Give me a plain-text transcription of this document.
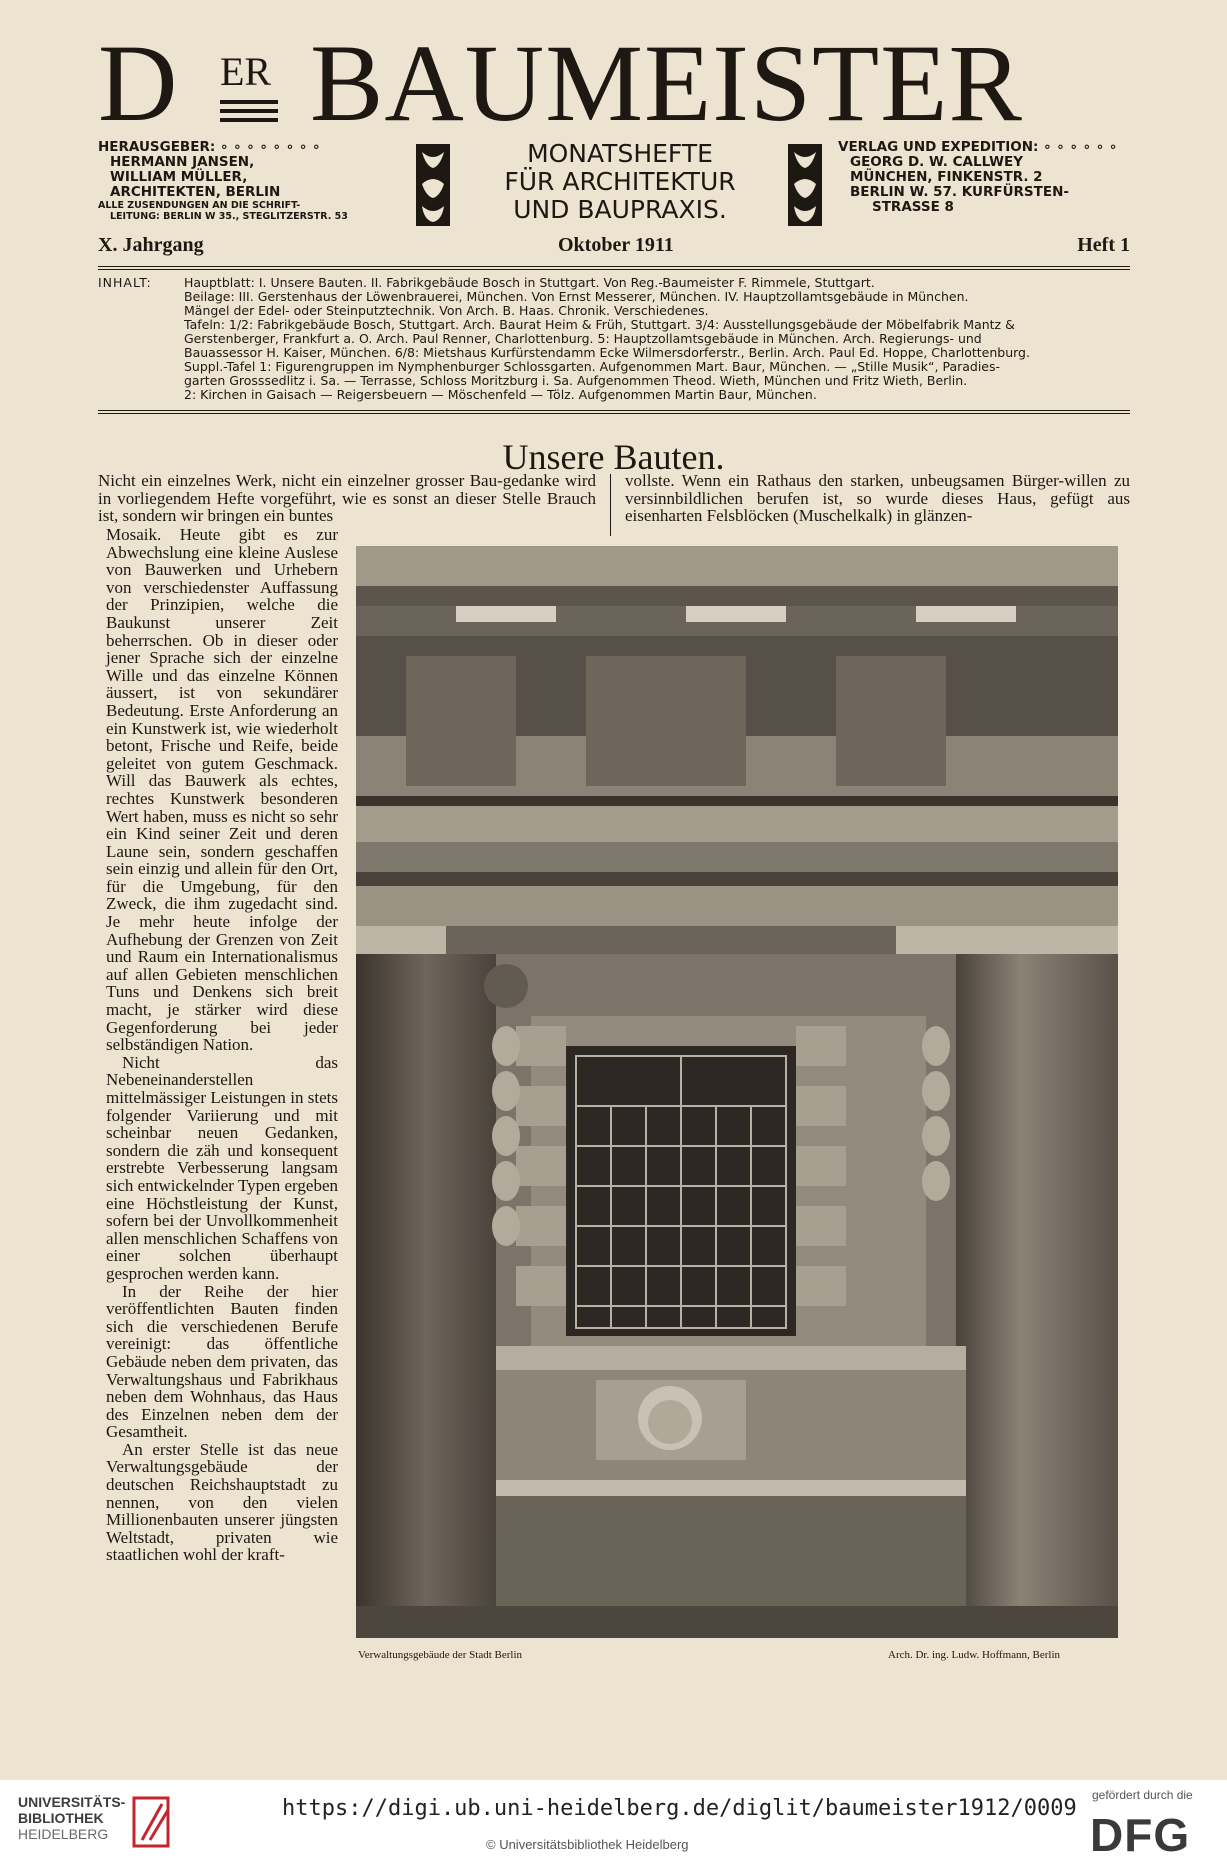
D ER BAUMEISTER
HERAUSGEBER: ∘ ∘ ∘ ∘ ∘ ∘ ∘ ∘
HERMANN JANSEN,
WILLIAM MÜLLER,
ARCHITEKTEN, BERLIN
ALLE ZUSENDUNGEN AN DIE SCHRIFT-
LEITUNG: BERLIN W 35., STEGLITZERSTR. 53
MONATSHEFTE
FÜR ARCHITEKTUR
UND BAUPRAXIS.
VERLAG UND EXPEDITION: ∘ ∘ ∘ ∘ ∘ ∘
GEORG D. W. CALLWEY
MÜNCHEN, FINKENSTR. 2
BERLIN W. 57. KURFÜRSTEN-
STRASSE 8
X. Jahrgang	Oktober 1911	Heft 1
INHALT:	Hauptblatt: I. Unsere Bauten. II. Fabrikgebäude Bosch in Stuttgart. Von Reg.-Baumeister F. Rimmele, Stuttgart.
Beilage: III. Gerstenhaus der Löwenbrauerei, München. Von Ernst Messerer, München. IV. Hauptzollamtsgebäude in München.
Mängel der Edel- oder Steinputztechnik. Von Arch. B. Haas. Chronik. Verschiedenes.
Tafeln: 1/2: Fabrikgebäude Bosch, Stuttgart. Arch. Baurat Heim & Früh, Stuttgart. 3/4: Ausstellungsgebäude der Möbelfabrik Mantz &
Gerstenberger, Frankfurt a. O. Arch. Paul Renner, Charlottenburg. 5: Hauptzollamtsgebäude in München. Arch. Regierungs- und
Bauassessor H. Kaiser, München. 6/8: Mietshaus Kurfürstendamm Ecke Wilmersdorferstr., Berlin. Arch. Paul Ed. Hoppe, Charlottenburg.
Suppl.-Tafel 1: Figurengruppen im Nymphenburger Schlossgarten. Aufgenommen Mart. Baur, München. — „Stille Musik“, Paradies-
garten Grosssedlitz i. Sa. — Terrasse, Schloss Moritzburg i. Sa. Aufgenommen Theod. Wieth, München und Fritz Wieth, Berlin.
2: Kirchen in Gaisach — Reigersbeuern — Möschenfeld — Tölz. Aufgenommen Martin Baur, München.
Unsere Bauten.
Nicht ein einzelnes Werk, nicht ein einzelner grosser Bau-gedanke wird in vorliegendem Hefte vorgeführt, wie es sonst an dieser Stelle Brauch ist, sondern wir bringen ein buntes
vollste. Wenn ein Rathaus den starken, unbeugsamen Bürger-willen zu versinnbildlichen berufen ist, so wurde dieses Haus, gefügt aus eisenharten Felsblöcken (Muschelkalk) in glänzen-

Mosaik. Heute gibt es zur Abwechslung eine kleine Auslese von Bauwerken und Urhebern von verschiedenster Auffassung der Prinzipien, welche die Baukunst unserer Zeit beherrschen. Ob in dieser oder jener Sprache sich der einzelne Wille und das einzelne Können äussert, ist von sekundärer Bedeutung. Erste Anforderung an ein Kunstwerk ist, wie wiederholt betont, Frische und Reife, beide geleitet von gutem Geschmack. Will das Bauwerk als echtes, rechtes Kunstwerk besonderen Wert haben, muss es nicht so sehr ein Kind seiner Zeit und deren Laune sein, sondern geschaffen sein einzig und allein für den Ort, für die Umgebung, für den Zweck, die ihm zugedacht sind. Je mehr heute infolge der Aufhebung der Grenzen von Zeit und Raum ein Internationalismus auf allen Gebieten menschlichen Tuns und Denkens sich breit macht, je stärker wird diese Gegenforderung bei jeder selbständigen Nation.

Nicht das Nebeneinanderstellen mittelmässiger Leistungen in stets folgender Variierung und mit scheinbar neuen Gedanken, sondern die zäh und konsequent erstrebte Verbesserung langsam sich entwickelnder Typen ergeben eine Höchstleistung der Kunst, sofern bei der Unvollkommenheit allen menschlichen Schaffens von einer solchen überhaupt gesprochen werden kann.

In der Reihe der hier veröffentlichten Bauten finden sich die verschiedenen Berufe vereinigt: das öffentliche Gebäude neben dem privaten, das Verwaltungshaus und Fabrikhaus neben dem Wohnhaus, das Haus des Einzelnen neben dem der Gesamtheit.

An erster Stelle ist das neue Verwaltungsgebäude der deutschen Reichshauptstadt zu nennen, von den vielen Millionenbauten unserer jüngsten Weltstadt, privaten wie staatlichen wohl der kraft-

Verwaltungsgebäude der Stadt Berlin	Arch. Dr. ing. Ludw. Hoffmann, Berlin
UNIVERSITÄTS-
BIBLIOTHEK
HEIDELBERG
https://digi.ub.uni-heidelberg.de/diglit/baumeister1912/0009
© Universitätsbibliothek Heidelberg
gefördert durch die
DFG
